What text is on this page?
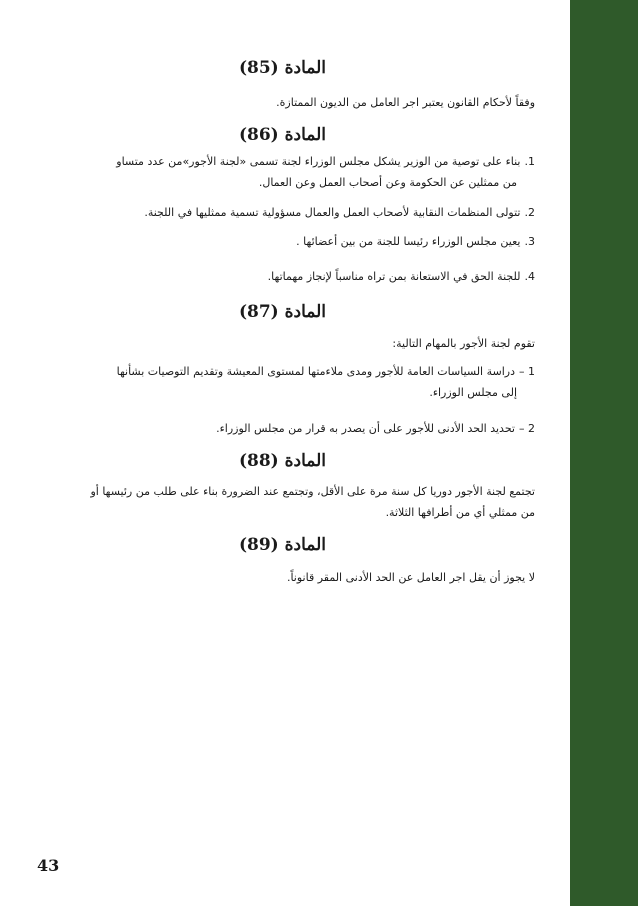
المادة (85)
وفقاً لأحكام القانون يعتبر اجر العامل من الديون الممتازة.
المادة (86)
1.بناء على توصية من الوزير يشكل مجلس الوزراء لجنة تسمى «لجنة الأجور»من عدد متساو
من ممثلين عن الحكومة وعن أصحاب العمل وعن العمال.
2.تتولى المنظمات النقابية لأصحاب العمل والعمال مسؤولية تسمية ممثليها في اللجنة.
3.يعين مجلس الوزراء رئيسا للجنة من بين أعضائها .
4.للجنة الحق في الاستعانة بمن تراه مناسباً لإنجاز مهماتها.
المادة (87)
تقوم لجنة الأجور بالمهام التالية:
1 –دراسة السياسات العامة للأجور ومدى ملاءمتها لمستوى المعيشة وتقديم التوصيات بشأنها
إلى مجلس الوزراء.
2 –تحديد الحد الأدنى للأجور على أن يصدر به قرار من مجلس الوزراء.
المادة (88)
تجتمع لجنة الأجور دوريا كل سنة مرة على الأقل، وتجتمع عند الضرورة بناء على طلب من رئيسها أو
من ممثلي أي من أطرافها الثلاثة.
المادة (89)
لا يجوز أن يقل اجر العامل عن الحد الأدنى المقر قانوناً.
43
